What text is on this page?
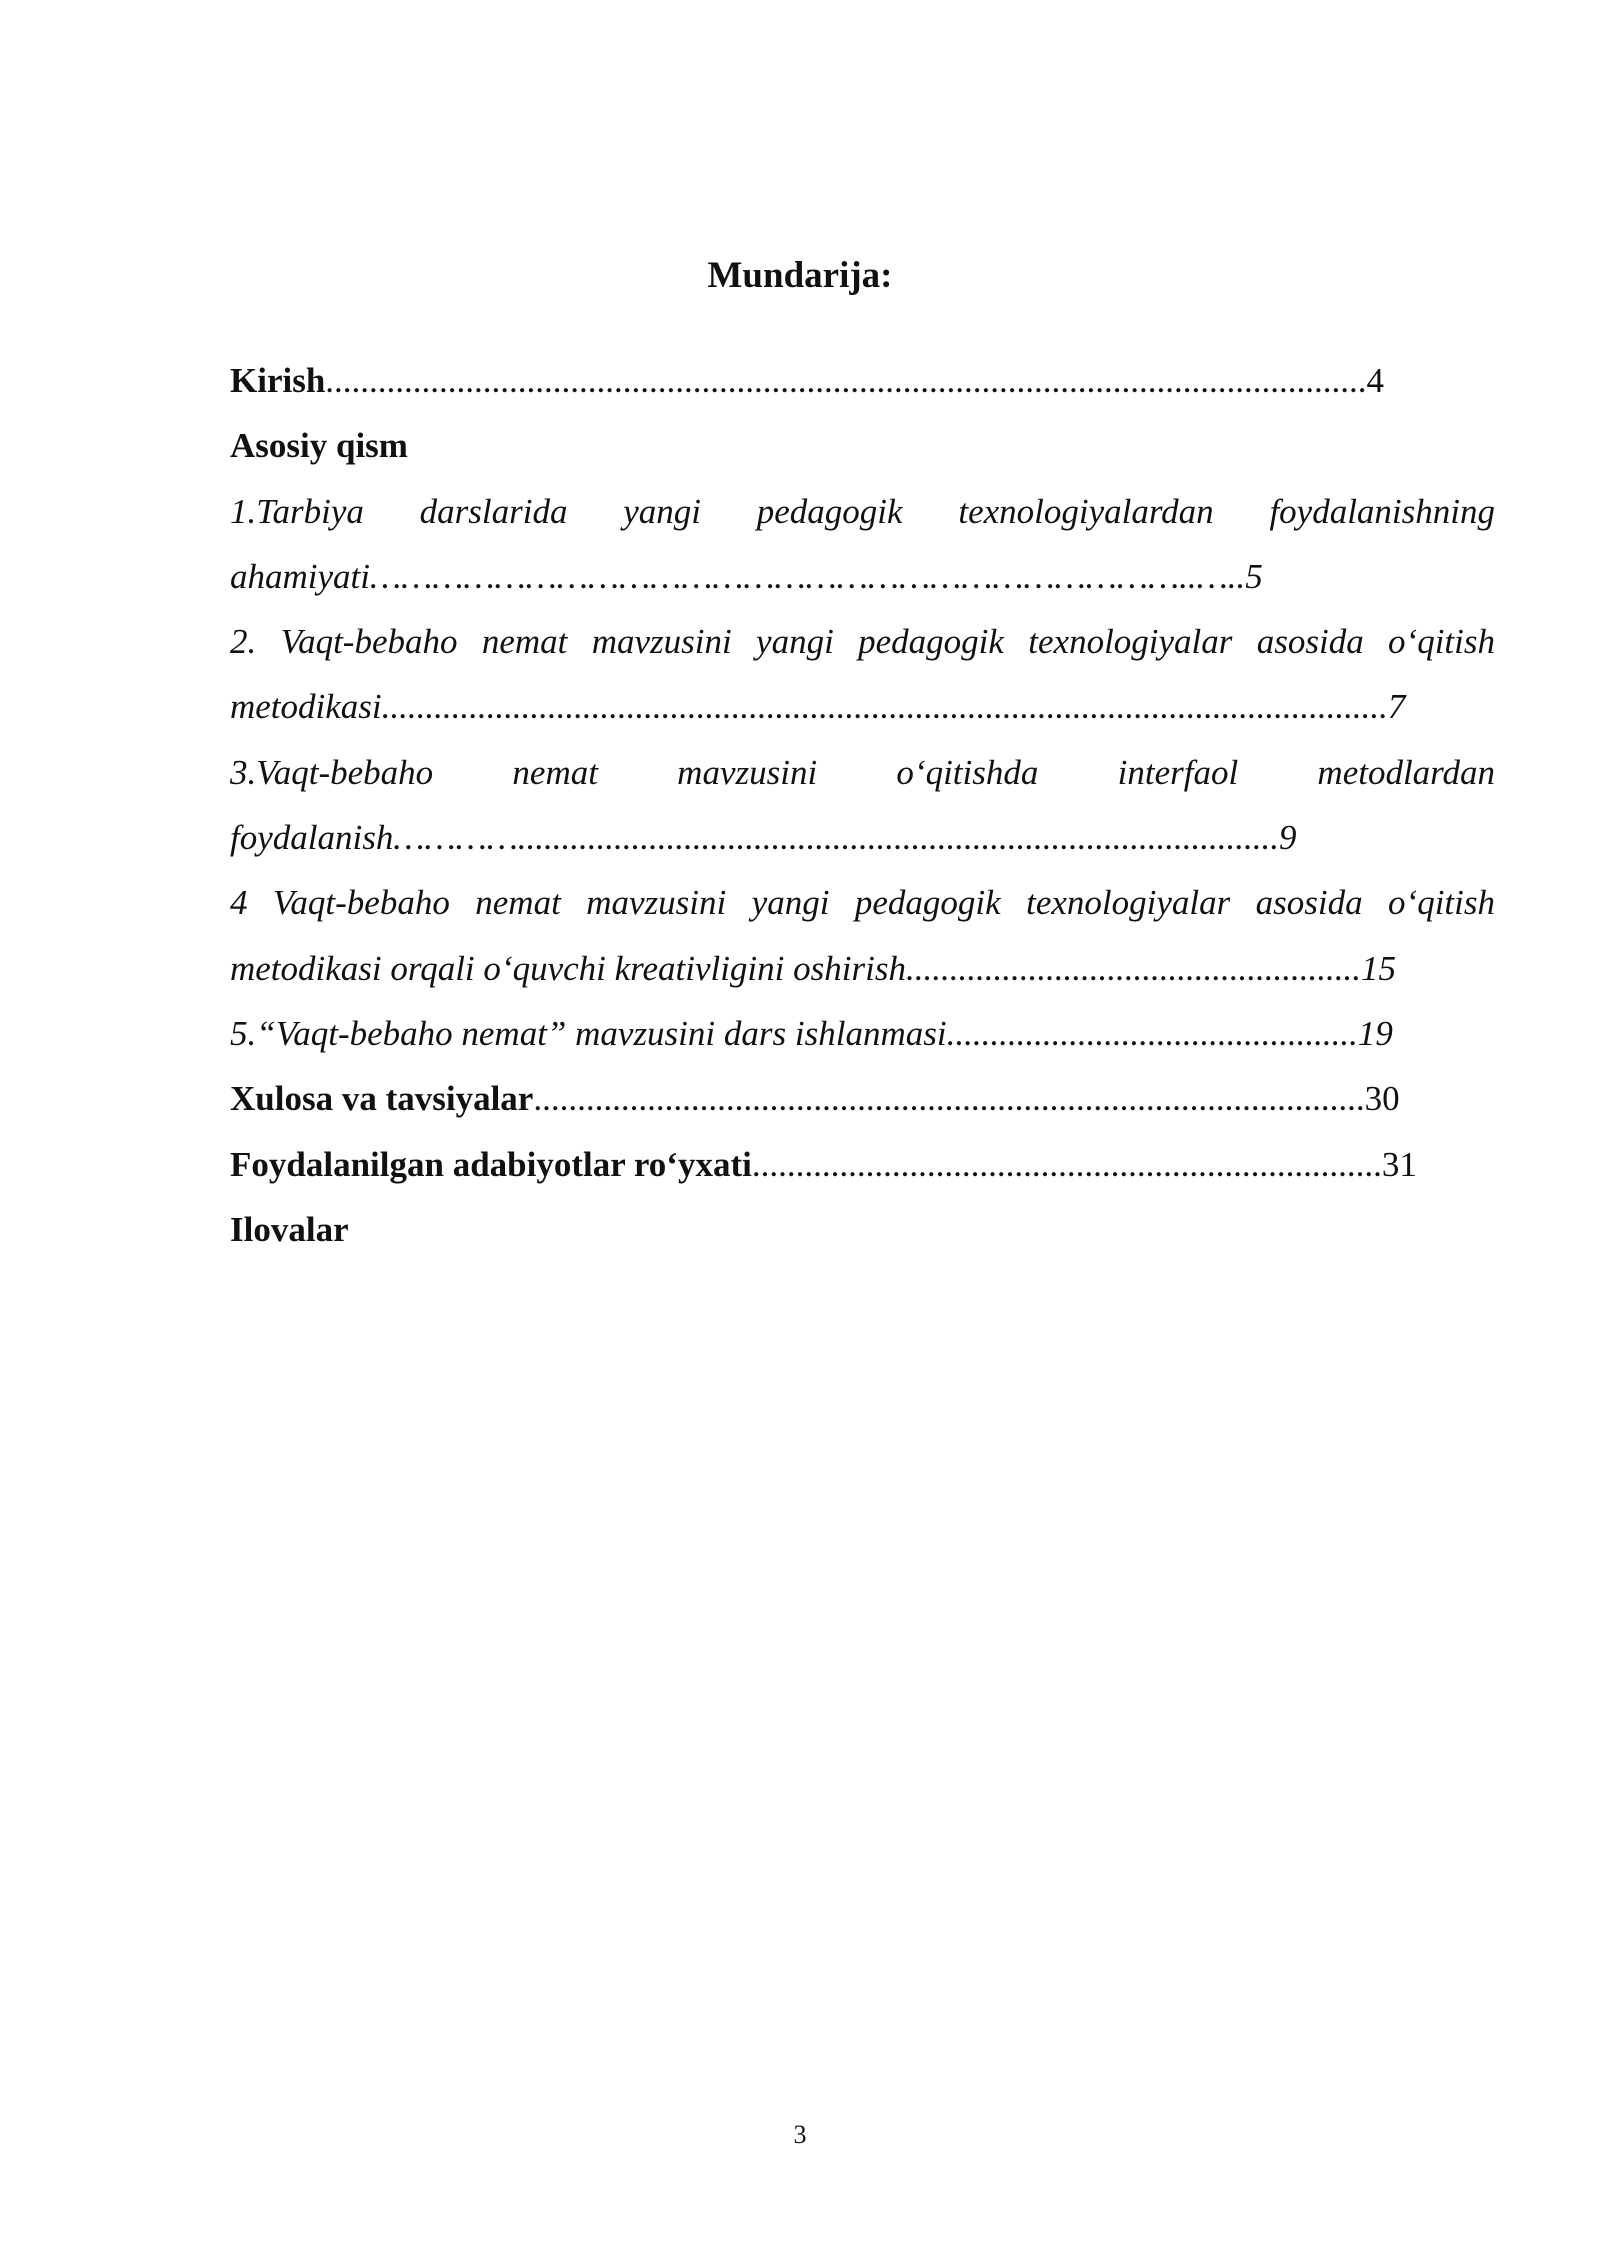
Mundarija:
Kirish.......................................................................................................................4
Asosiy qism
1.Tarbiya darslarida yangi pedagogik texnologiyalardan foydalanishning
ahamiyati……………………………………………………………………..…..5
2. Vaqt-bebaho nemat mavzusini yangi pedagogik texnologiyalar asosida o‘qitish
metodikasi...................................................................................................................7
3.Vaqt-bebaho nemat mavzusini o‘qitishda interfaol metodlardan
foydalanish………….......................................................................................9
4 Vaqt-bebaho nemat mavzusini yangi pedagogik texnologiyalar asosida o‘qitish
metodikasi orqali o‘quvchi kreativligini oshirish....................................................15
5.“Vaqt-bebaho nemat” mavzusini dars ishlanmasi...............................................19
Xulosa va tavsiyalar...............................................................................................30
Foydalanilgan adabiyotlar ro‘yxati........................................................................31
Ilovalar
3
